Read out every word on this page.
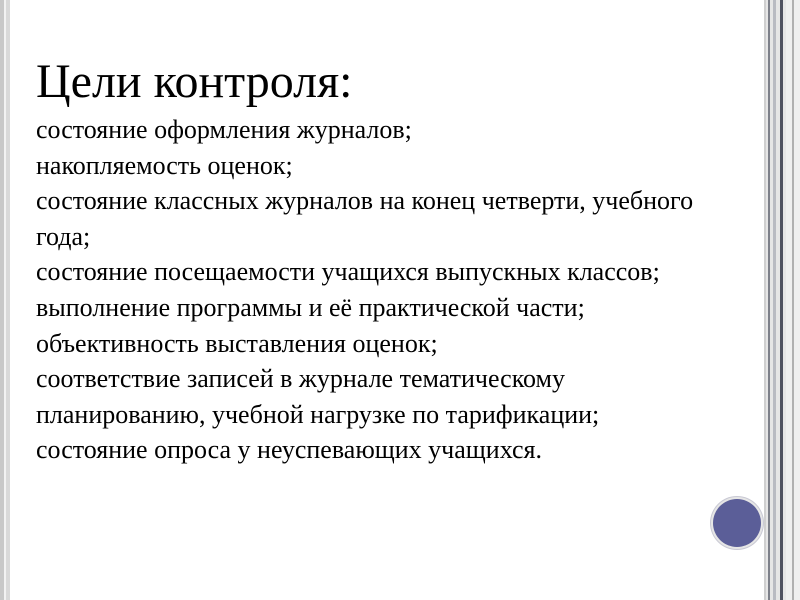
Цели контроля:
состояние оформления журналов;
накопляемость оценок;
состояние классных журналов на конец четверти, учебного года;
состояние посещаемости учащихся выпускных классов;
выполнение программы и её практической части;
объективность выставления оценок;
соответствие записей в журнале тематическому планированию, учебной нагрузке по тарификации;
состояние опроса у неуспевающих учащихся.
